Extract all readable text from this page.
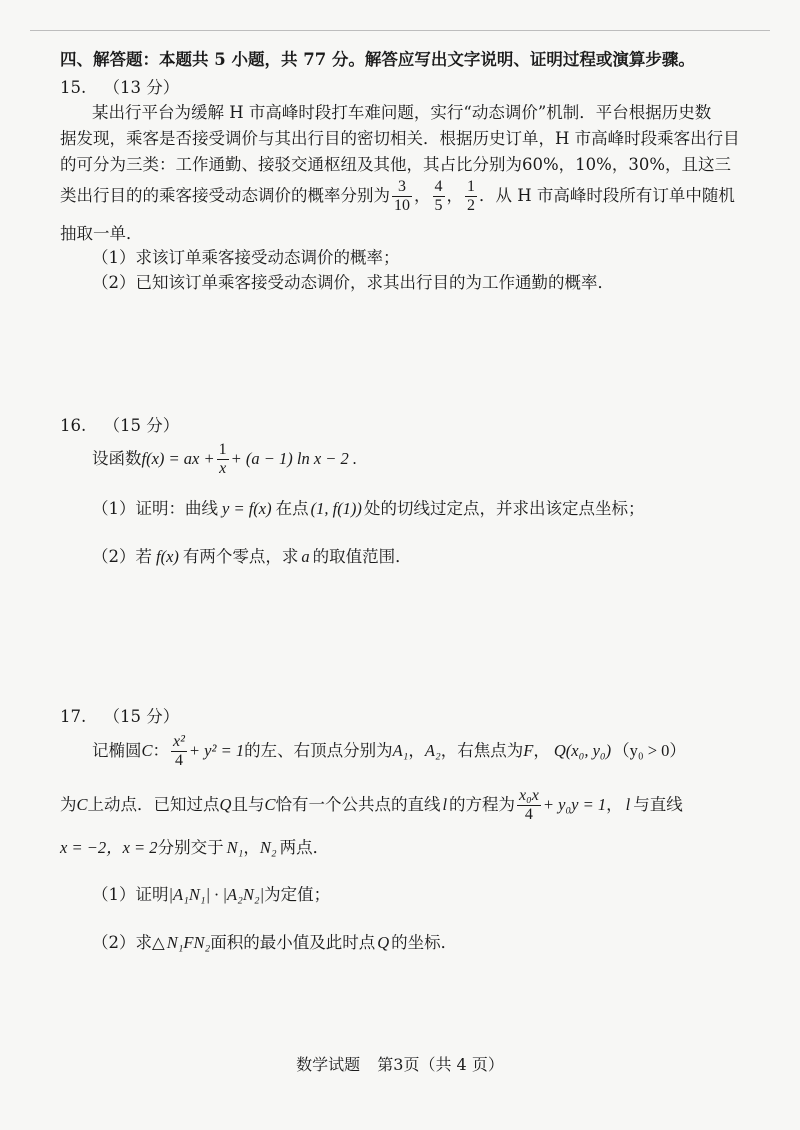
四、解答题：本题共 5 小题，共 77 分。解答应写出文字说明、证明过程或演算步骤。
15. （13 分）
某出行平台为缓解 H 市高峰时段打车难问题，实行“动态调价”机制．平台根据历史数
据发现，乘客是否接受调价与其出行目的密切相关．根据历史订单，H 市高峰时段乘客出行目
的可分为三类：工作通勤、接驳交通枢纽及其他，其占比分别为60%，10%，30%，且这三
类出行目的的乘客接受动态调价的概率分别为 $\frac{3}{10}$ ， $\frac{4}{5}$ ， $\frac{1}{2}$ ．从 H 市高峰时段所有订单中随机
抽取一单．
（1）求该订单乘客接受动态调价的概率；
（2）已知该订单乘客接受动态调价，求其出行目的为工作通勤的概率．
16. （15 分）
设函数f(x) = ax + $\frac{1}{x} + (a - 1)$ ln x − 2 .
（1）证明：曲线 y = f(x) 在点 (1, f(1)) 处的切线过定点，并求出该定点坐标；
（2）若 f(x) 有两个零点，求 a 的取值范围．
17. （15 分）
记椭圆C： $\frac{\text{x²}}{4} + y^2 = 1$的左、右顶点分别为A₁，A₂，右焦点为F， Q(x₀, y₀) （y₀ > 0）
为C上动点．已知过点Q且与C恰有一个公共点的直线 l 的方程为 $\frac{\text{x₀x}}{4} + y_0y = 1$， l 与直线
x = −2，x = 2分别交于 N₁，N₂ 两点．
（1）证明|A₁N₁| · |A₂N₂|为定值；
（2）求△ N₁FN₂面积的最小值及此时点 Q 的坐标．
数学试题 第3页（共 4 页）
